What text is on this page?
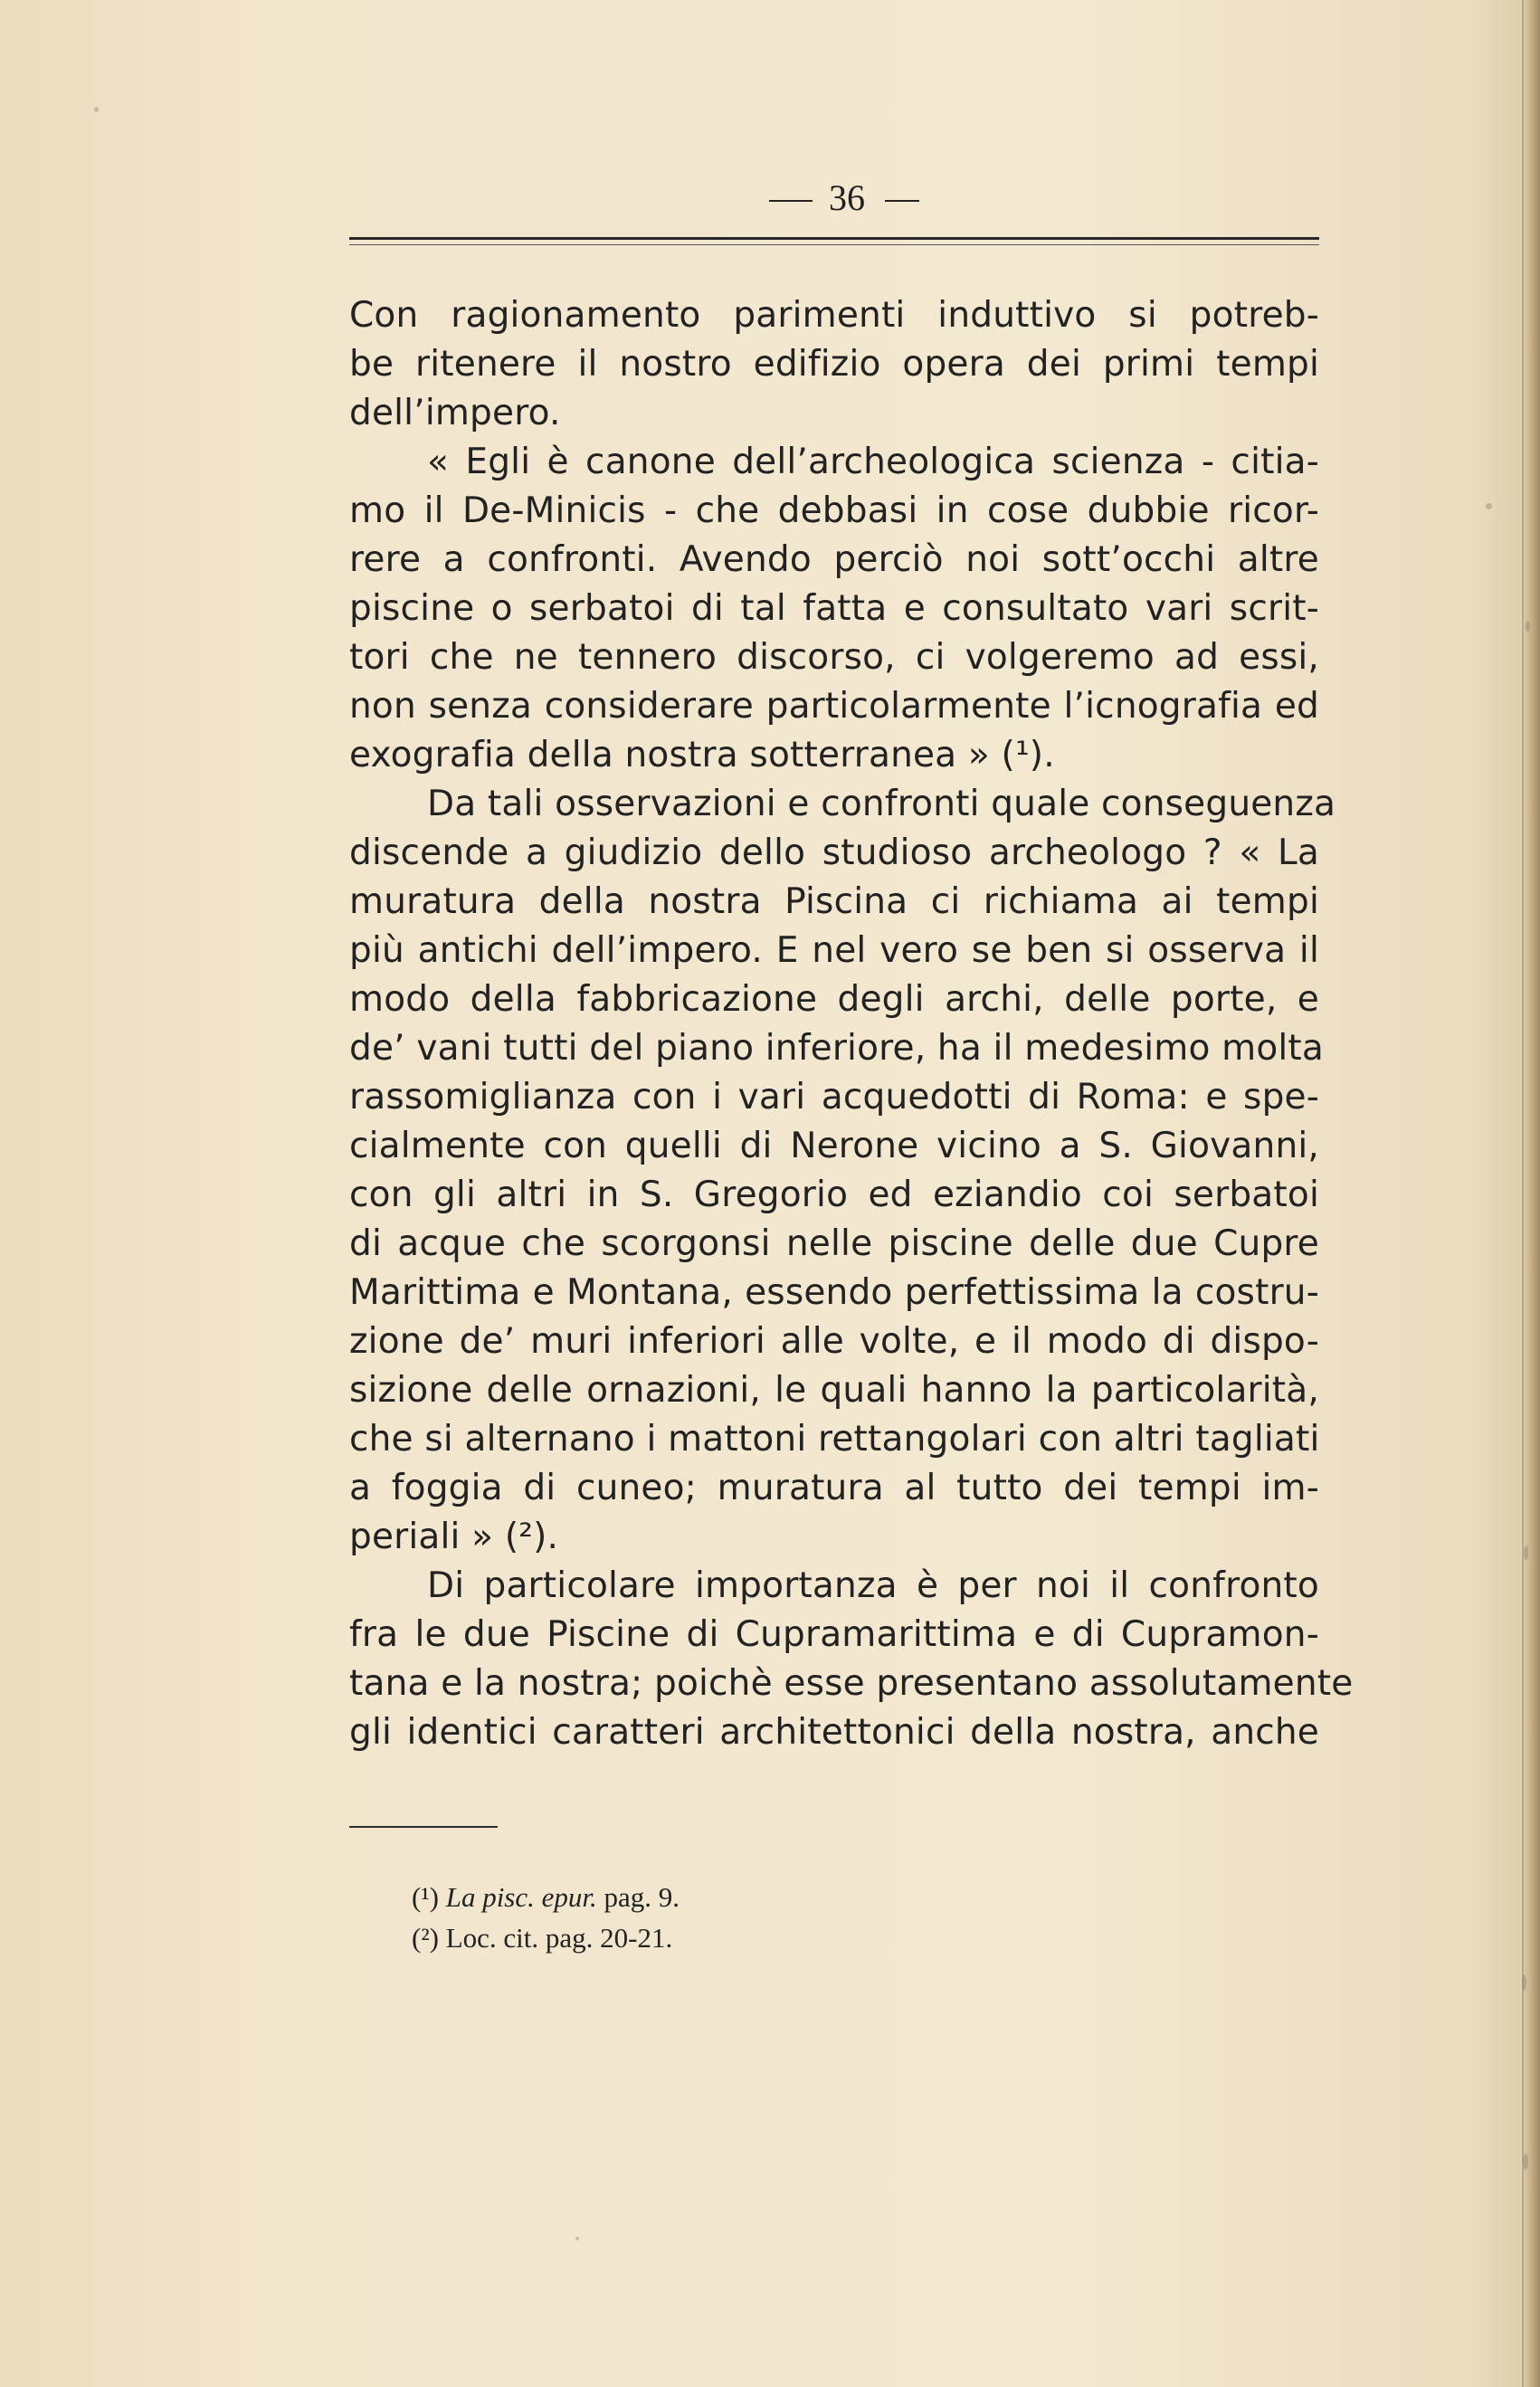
36
Con ragionamento parimenti induttivo si potreb-
be ritenere il nostro edifizio opera dei primi tempi
dell’impero.
« Egli è canone dell’archeologica scienza - citia-
mo il De-Minicis - che debbasi in cose dubbie ricor-
rere a confronti. Avendo perciò noi sott’occhi altre
piscine o serbatoi di tal fatta e consultato vari scrit-
tori che ne tennero discorso, ci volgeremo ad essi,
non senza considerare particolarmente l’icnografia ed
exografia della nostra sotterranea » (¹).
Da tali osservazioni e confronti quale conseguenza
discende a giudizio dello studioso archeologo ? « La
muratura della nostra Piscina ci richiama ai tempi
più antichi dell’impero. E nel vero se ben si osserva il
modo della fabbricazione degli archi, delle porte, e
de’ vani tutti del piano inferiore, ha il medesimo molta
rassomiglianza con i vari acquedotti di Roma: e spe-
cialmente con quelli di Nerone vicino a S. Giovanni,
con gli altri in S. Gregorio ed eziandio coi serbatoi
di acque che scorgonsi nelle piscine delle due Cupre
Marittima e Montana, essendo perfettissima la costru-
zione de’ muri inferiori alle volte, e il modo di dispo-
sizione delle ornazioni, le quali hanno la particolarità,
che si alternano i mattoni rettangolari con altri tagliati
a foggia di cuneo; muratura al tutto dei tempi im-
periali » (²).
Di particolare importanza è per noi il confronto
fra le due Piscine di Cupramarittima e di Cupramon-
tana e la nostra; poichè esse presentano assolutamente
gli identici caratteri architettonici della nostra, anche
(¹) La pisc. epur. pag. 9.
(²) Loc. cit. pag. 20-21.
